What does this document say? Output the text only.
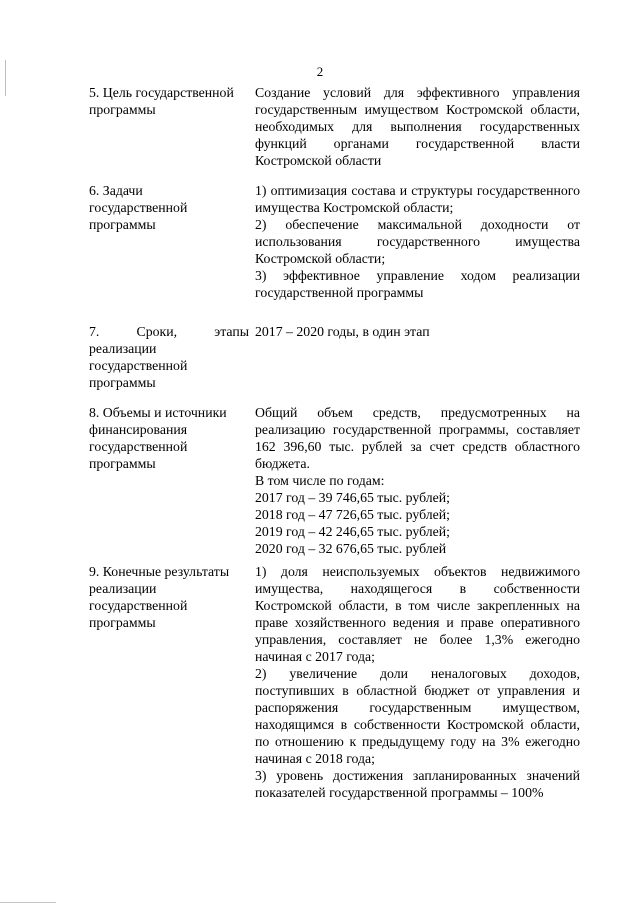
2

5. Цель государственной программы

Создание условий для эффективного управления государственным имуществом Костромской области, необходимых для выполнения государственных функций органами государственной власти Костромской области

6. Задачи государственной программы

1) оптимизация состава и структуры государственного имущества Костромской области;

2) обеспечение максимальной доходности от использования государственного имущества Костромской области;

3) эффективное управление ходом реализации государственной программы

7. Сроки, этапы реализации государственной программы

2017 – 2020 годы, в один этап

8. Объемы и источники финансирования государственной программы

Общий объем средств, предусмотренных на реализацию государственной программы, составляет 162 396,60 тыс. рублей за счет средств областного бюджета.

В том числе по годам:

2017 год – 39 746,65 тыс. рублей;

2018 год – 47 726,65 тыс. рублей;

2019 год – 42 246,65 тыс. рублей;

2020 год – 32 676,65 тыс. рублей

9. Конечные результаты реализации государственной программы

1) доля неиспользуемых объектов недвижимого имущества, находящегося в собственности Костромской области, в том числе закрепленных на праве хозяйственного ведения и праве оперативного управления, составляет не более 1,3% ежегодно начиная с 2017 года;

2) увеличение доли неналоговых доходов, поступивших в областной бюджет от управления и распоряжения государственным имуществом, находящимся в собственности Костромской области, по отношению к предыдущему году на 3% ежегодно начиная с 2018 года;

3) уровень достижения запланированных значений показателей государственной программы – 100%
